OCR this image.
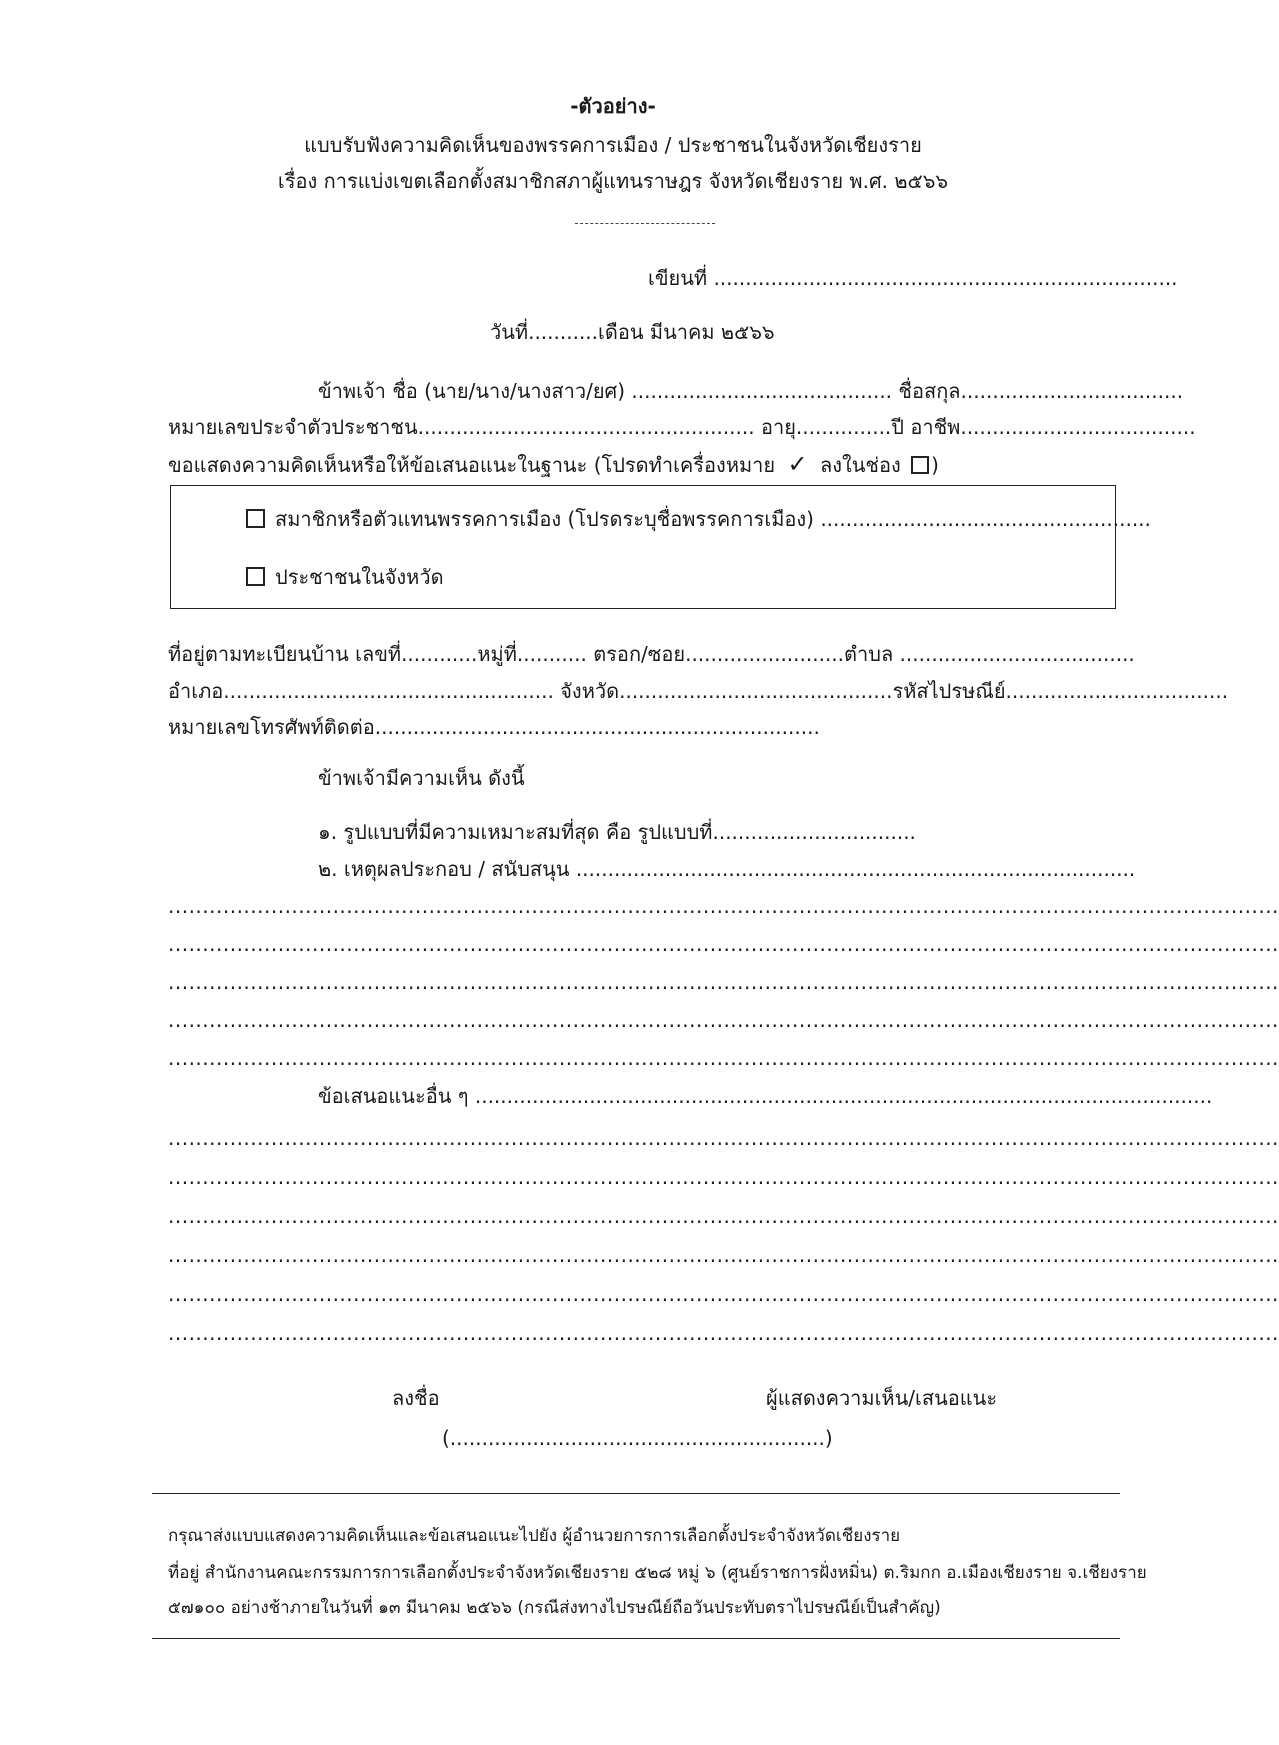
-ตัวอย่าง-
แบบรับฟังความคิดเห็นของพรรคการเมือง / ประชาชนในจังหวัดเชียงราย
เรื่อง การแบ่งเขตเลือกตั้งสมาชิกสภาผู้แทนราษฎร จังหวัดเชียงราย พ.ศ. ๒๕๖๖
เขียนที่ .........................................................................
วันที่...........เดือน มีนาคม ๒๕๖๖
ข้าพเจ้า ชื่อ (นาย/นาง/นางสาว/ยศ) ......................................... ชื่อสกุล...................................
หมายเลขประจำตัวประชาชน..................................................... อายุ...............ปี อาชีพ.....................................
ขอแสดงความคิดเห็นหรือให้ข้อเสนอแนะในฐานะ (โปรดทำเครื่องหมาย ✓ ลงในช่อง )
สมาชิกหรือตัวแทนพรรคการเมือง (โปรดระบุชื่อพรรคการเมือง) ....................................................
ประชาชนในจังหวัด
ที่อยู่ตามทะเบียนบ้าน เลขที่............หมู่ที่........... ตรอก/ซอย.........................ตำบล .....................................
อำเภอ.................................................... จังหวัด...........................................รหัสไปรษณีย์...................................
หมายเลขโทรศัพท์ติดต่อ......................................................................
ข้าพเจ้ามีความเห็น ดังนี้
๑. รูปแบบที่มีความเหมาะสมที่สุด คือ รูปแบบที่................................
๒. เหตุผลประกอบ / สนับสนุน ........................................................................................
..................................................................................................................................................................
..................................................................................................................................................................
..................................................................................................................................................................
..................................................................................................................................................................
..................................................................................................................................................................
ข้อเสนอแนะอื่น ๆ ....................................................................................................................
..................................................................................................................................................................
..................................................................................................................................................................
..................................................................................................................................................................
..................................................................................................................................................................
..................................................................................................................................................................
..................................................................................................................................................................
ลงชื่อ	ผู้แสดงความเห็น/เสนอแนะ
(...........................................................)
กรุณาส่งแบบแสดงความคิดเห็นและข้อเสนอแนะไปยัง ผู้อำนวยการการเลือกตั้งประจำจังหวัดเชียงราย
ที่อยู่ สำนักงานคณะกรรมการการเลือกตั้งประจำจังหวัดเชียงราย ๕๒๘ หมู่ ๖ (ศูนย์ราชการฝั่งหมิ่น) ต.ริมกก อ.เมืองเชียงราย จ.เชียงราย
๕๗๑๐๐ อย่างช้าภายในวันที่ ๑๓ มีนาคม ๒๕๖๖ (กรณีส่งทางไปรษณีย์ถือวันประทับตราไปรษณีย์เป็นสำคัญ)
